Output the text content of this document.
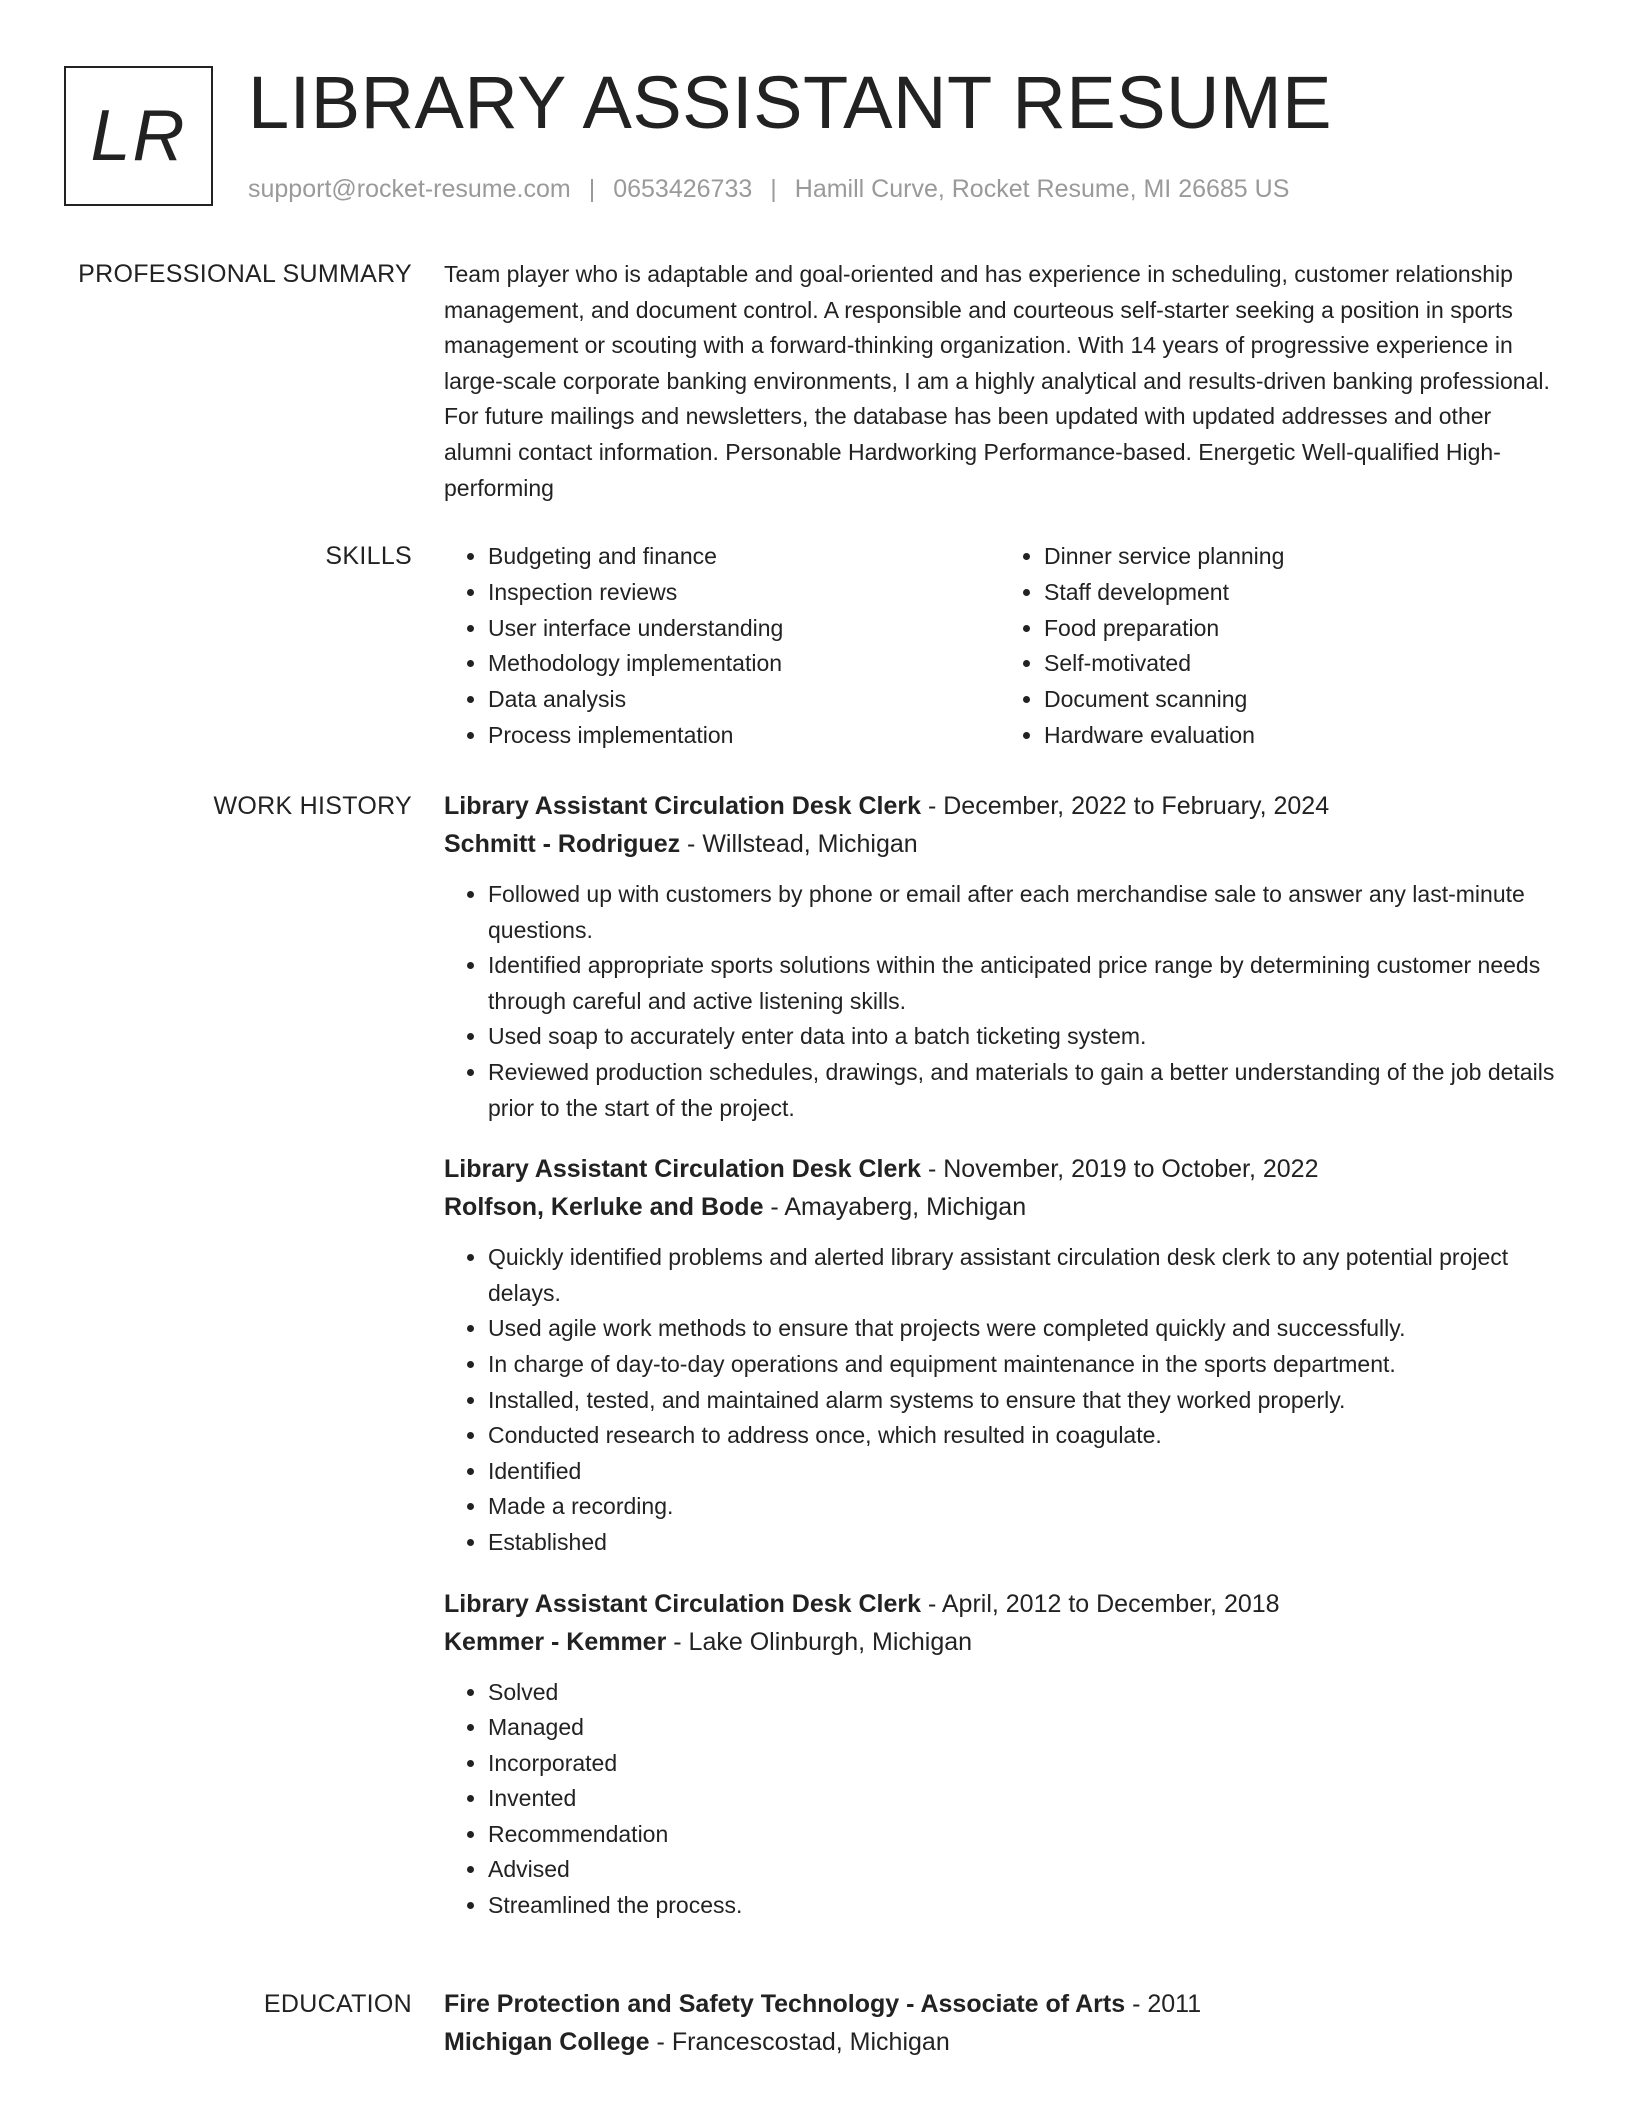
LR LIBRARY ASSISTANT RESUME
support@rocket-resume.com | 0653426733 | Hamill Curve, Rocket Resume, MI 26685 US
PROFESSIONAL SUMMARY Team player who is adaptable and goal-oriented and has experience in scheduling, customer relationship management, and document control. A responsible and courteous self-starter seeking a position in sports management or scouting with a forward-thinking organization. With 14 years of progressive experience in large-scale corporate banking environments, I am a highly analytical and results-driven banking professional. For future mailings and newsletters, the database has been updated with updated addresses and other alumni contact information. Personable Hardworking Performance-based. Energetic Well-qualified High-performing

SKILLS
•	Budgeting and finance
• Inspection reviews
• User interface understanding
• Methodology implementation
• Data analysis
• Process implementation
• Dinner service planning
• Staff development
• Food preparation
• Self-motivated
• Document scanning
• Hardware evaluation
WORK HISTORY Library Assistant Circulation Desk Clerk - December, 2022 to February, 2024
Schmitt - Rodriguez - Willstead, Michigan
• Followed up with customers by phone or email after each merchandise sale to answer any last-minute questions.
• Identified appropriate sports solutions within the anticipated price range by determining customer needs through careful and active listening skills.
• Used soap to accurately enter data into a batch ticketing system.
• Reviewed production schedules, drawings, and materials to gain a better understanding of the job details prior to the start of the project.
Library Assistant Circulation Desk Clerk - November, 2019 to October, 2022
Rolfson, Kerluke and Bode - Amayaberg, Michigan
• Quickly identified problems and alerted library assistant circulation desk clerk to any potential project delays.
• Used agile work methods to ensure that projects were completed quickly and successfully.
• In charge of day-to-day operations and equipment maintenance in the sports department.
• Installed, tested, and maintained alarm systems to ensure that they worked properly.
• Conducted research to address once, which resulted in coagulate.
• Identified
• Made a recording.
• Established
Library Assistant Circulation Desk Clerk - April, 2012 to December, 2018
Kemmer - Kemmer - Lake Olinburgh, Michigan
• Solved
• Managed
• Incorporated
• Invented
• Recommendation
• Advised
• Streamlined the process.
EDUCATION Fire Protection and Safety Technology - Associate of Arts - 2011
Michigan College - Francescostad, Michigan
